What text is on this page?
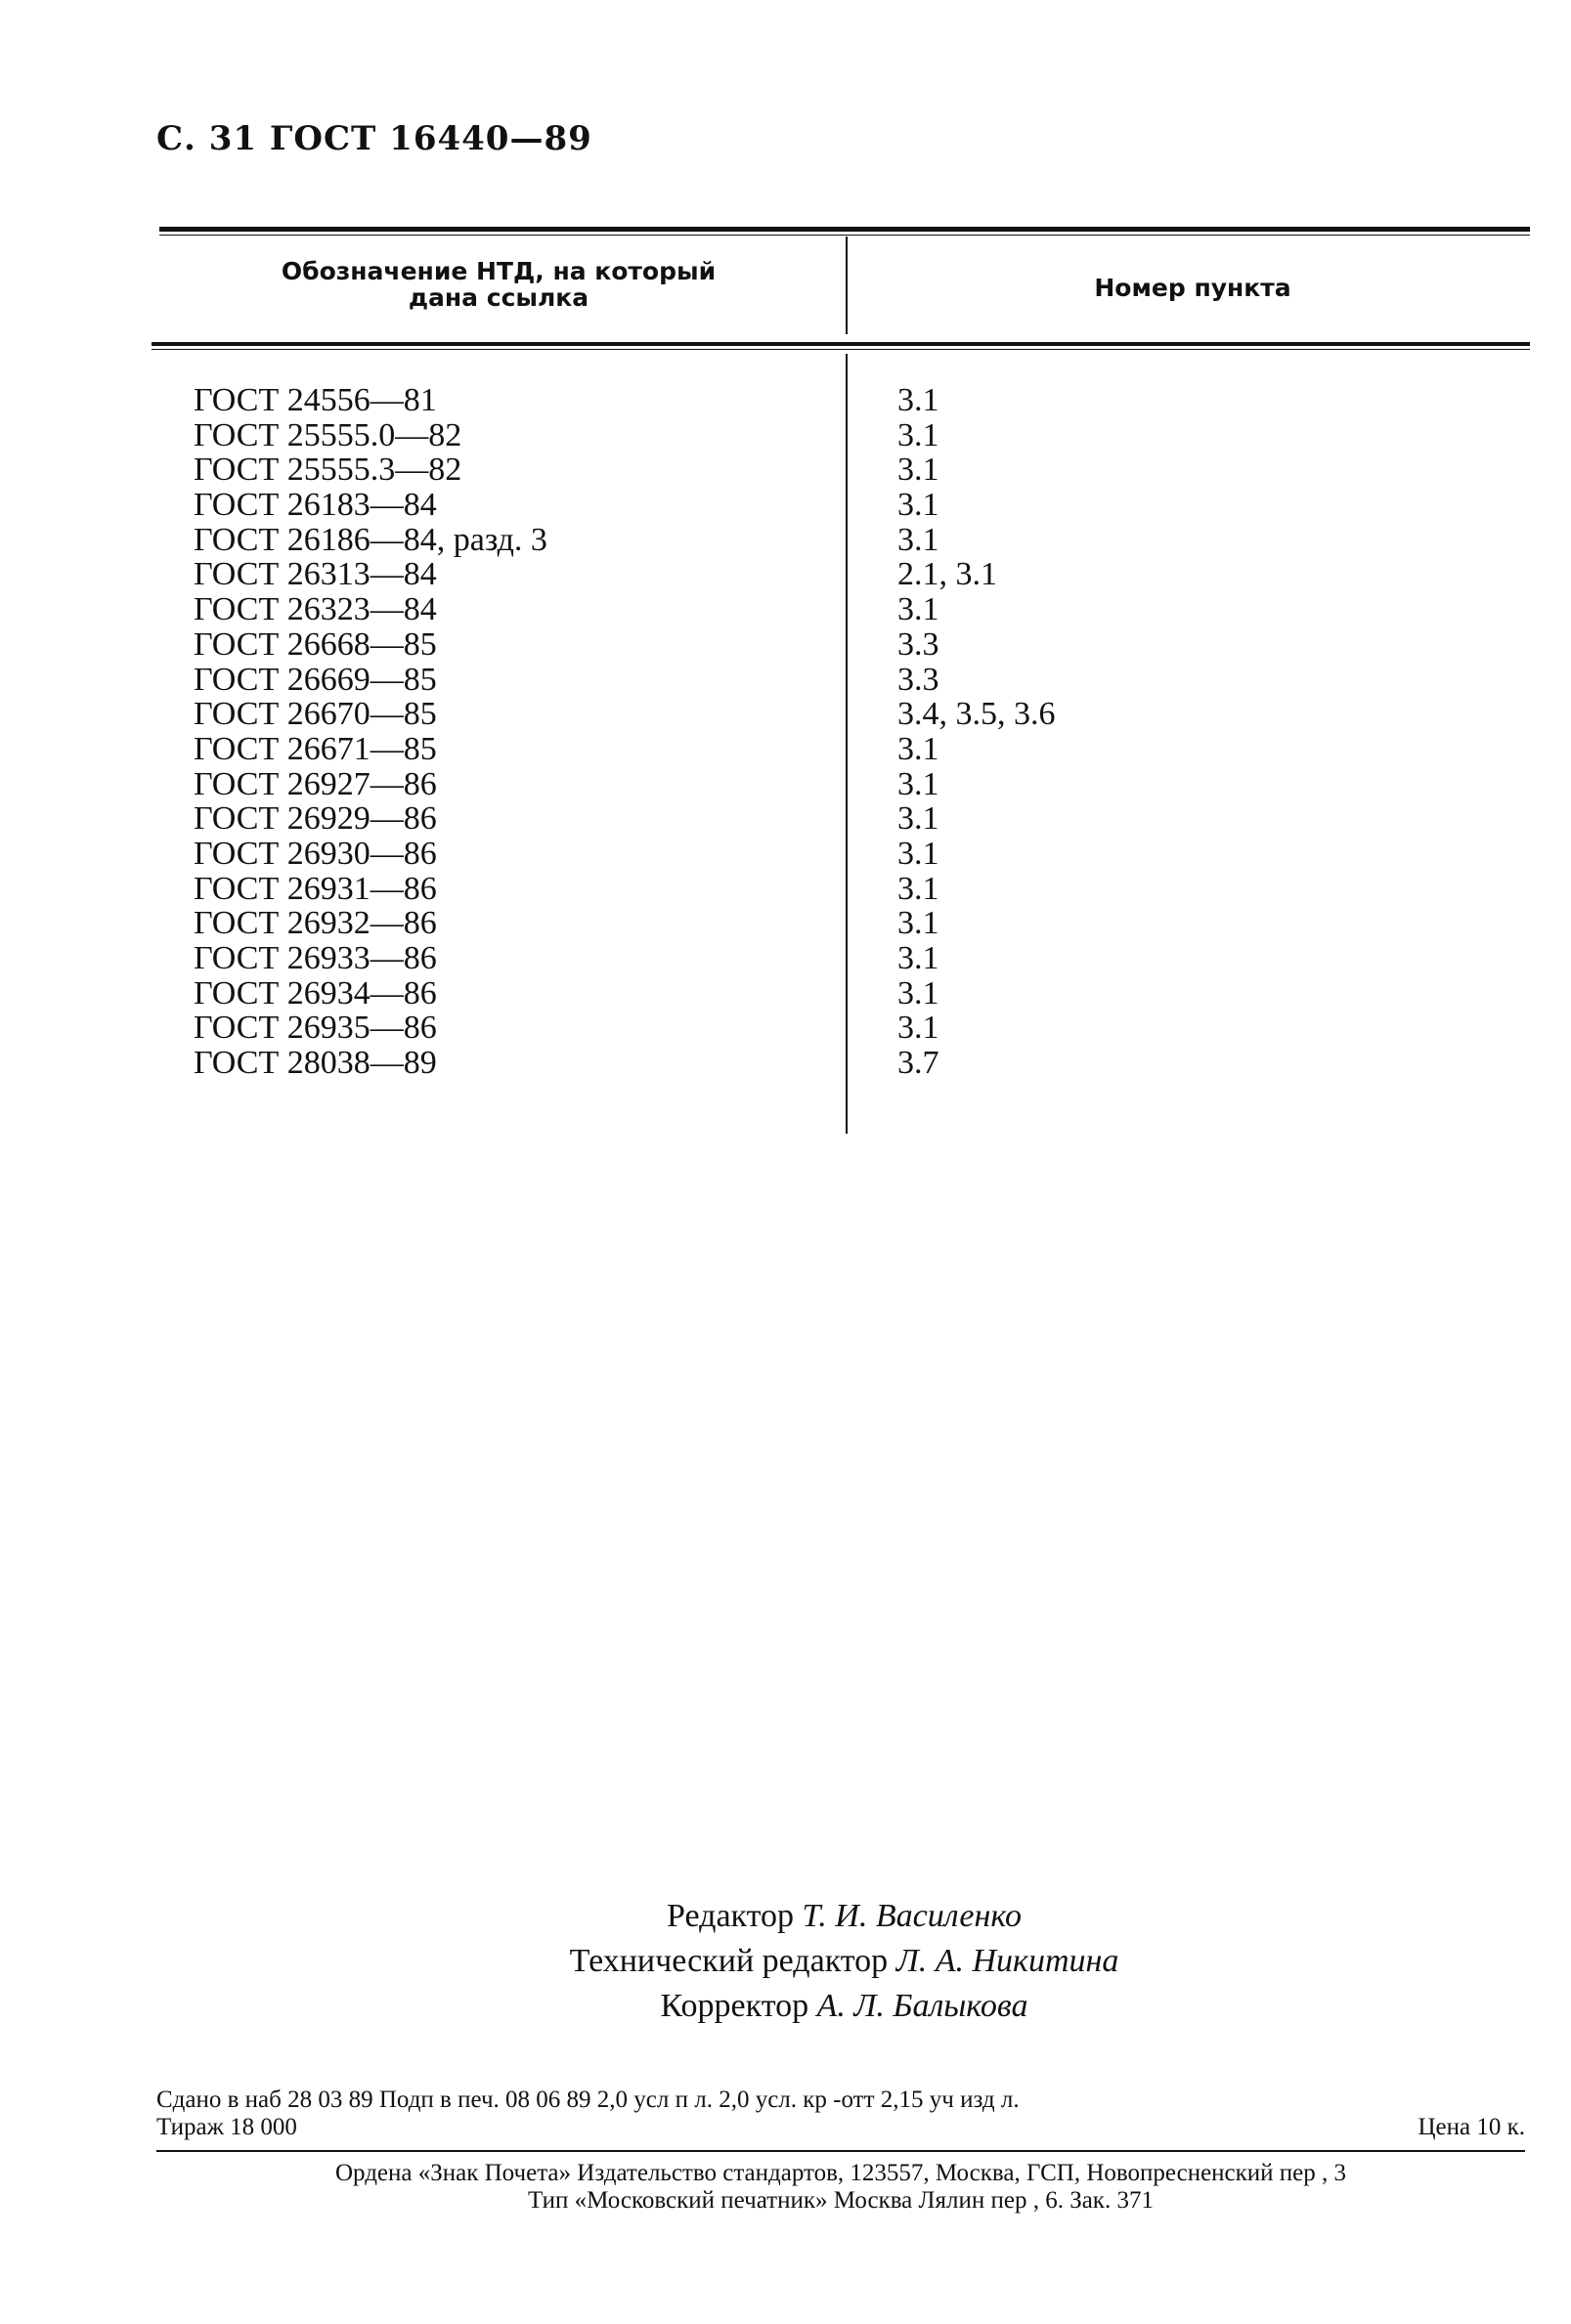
С. 31 ГОСТ 16440—89
Обозначение НТД, на который
дана ссылка	Номер пункта
ГОСТ 24556—81	3.1
ГОСТ 25555.0—82	3.1
ГОСТ 25555.3—82	3.1
ГОСТ 26183—84	3.1
ГОСТ 26186—84, разд. 3	3.1
ГОСТ 26313—84	2.1, 3.1
ГОСТ 26323—84	3.1
ГОСТ 26668—85	3.3
ГОСТ 26669—85	3.3
ГОСТ 26670—85	3.4, 3.5, 3.6
ГОСТ 26671—85	3.1
ГОСТ 26927—86	3.1
ГОСТ 26929—86	3.1
ГОСТ 26930—86	3.1
ГОСТ 26931—86	3.1
ГОСТ 26932—86	3.1
ГОСТ 26933—86	3.1
ГОСТ 26934—86	3.1
ГОСТ 26935—86	3.1
ГОСТ 28038—89	3.7
Редактор Т. И. Василенко
Технический редактор Л. А. Никитина
Корректор А. Л. Балыкова
Сдано в наб 28 03 89 Подп в печ. 08 06 89 2,0 усл п л. 2,0 усл. кр -отт 2,15 уч изд л.
Тираж 18 000	Цена 10 к.
Ордена «Знак Почета» Издательство стандартов, 123557, Москва, ГСП, Новопресненский пер , 3
Тип «Московский печатник» Москва Лялин пер , 6. Зак. 371
